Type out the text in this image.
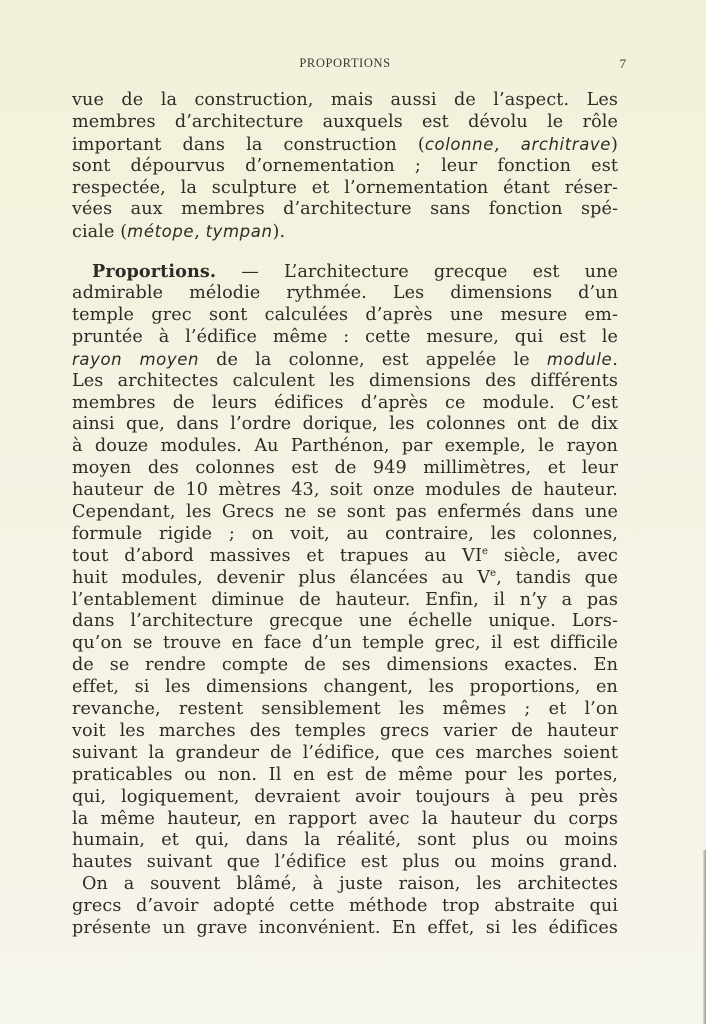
PROPORTIONS	7
vue de la construction, mais aussi de l’aspect. Les
membres d’architecture auxquels est dévolu le rôle
important dans la construction (colonne, architrave)
sont dépourvus d’ornementation ; leur fonction est
respectée, la sculpture et l’ornementation étant réser-
vées aux membres d’architecture sans fonction spé-
ciale (métope, tympan).
Proportions. — L’architecture grecque est une
admirable mélodie rythmée. Les dimensions d’un
temple grec sont calculées d’après une mesure em-
pruntée à l’édifice même : cette mesure, qui est le
rayon moyen de la colonne, est appelée le module.
Les architectes calculent les dimensions des différents
membres de leurs édifices d’après ce module. C’est
ainsi que, dans l’ordre dorique, les colonnes ont de dix
à douze modules. Au Parthénon, par exemple, le rayon
moyen des colonnes est de 949 millimètres, et leur
hauteur de 10 mètres 43, soit onze modules de hauteur.
Cependant, les Grecs ne se sont pas enfermés dans une
formule rigide ; on voit, au contraire, les colonnes,
tout d’abord massives et trapues au VIe siècle, avec
huit modules, devenir plus élancées au Ve, tandis que
l’entablement diminue de hauteur. Enfin, il n’y a pas
dans l’architecture grecque une échelle unique. Lors-
qu’on se trouve en face d’un temple grec, il est difficile
de se rendre compte de ses dimensions exactes. En
effet, si les dimensions changent, les proportions, en
revanche, restent sensiblement les mêmes ; et l’on
voit les marches des temples grecs varier de hauteur
suivant la grandeur de l’édifice, que ces marches soient
praticables ou non. Il en est de même pour les portes,
qui, logiquement, devraient avoir toujours à peu près
la même hauteur, en rapport avec la hauteur du corps
humain, et qui, dans la réalité, sont plus ou moins
hautes suivant que l’édifice est plus ou moins grand.
On a souvent blâmé, à juste raison, les architectes
grecs d’avoir adopté cette méthode trop abstraite qui
présente un grave inconvénient. En effet, si les édifices
